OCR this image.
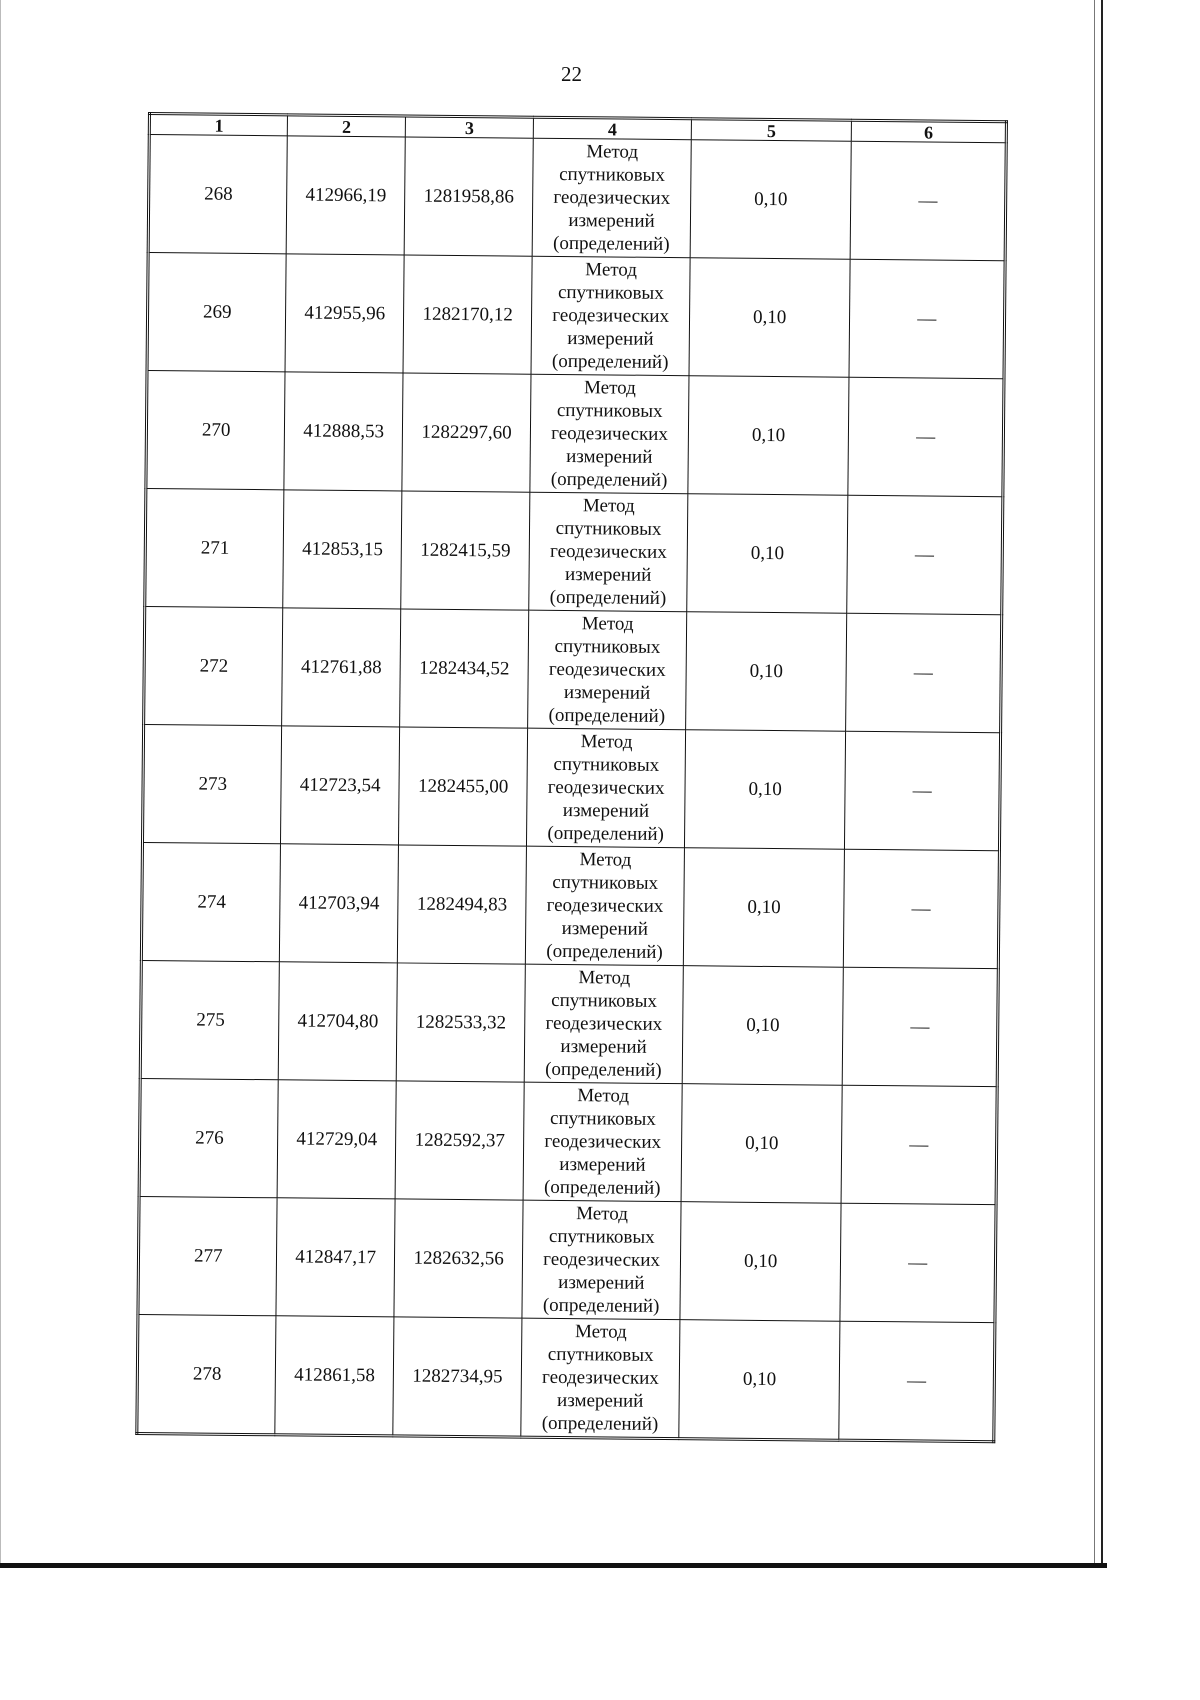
22
1	2	3	4	5	6
268	412966,19	1281958,86	Метод
спутниковых
геодезических
измерений
(определений)	0,10	—
269	412955,96	1282170,12	Метод
спутниковых
геодезических
измерений
(определений)	0,10	—
270	412888,53	1282297,60	Метод
спутниковых
геодезических
измерений
(определений)	0,10	—
271	412853,15	1282415,59	Метод
спутниковых
геодезических
измерений
(определений)	0,10	—
272	412761,88	1282434,52	Метод
спутниковых
геодезических
измерений
(определений)	0,10	—
273	412723,54	1282455,00	Метод
спутниковых
геодезических
измерений
(определений)	0,10	—
274	412703,94	1282494,83	Метод
спутниковых
геодезических
измерений
(определений)	0,10	—
275	412704,80	1282533,32	Метод
спутниковых
геодезических
измерений
(определений)	0,10	—
276	412729,04	1282592,37	Метод
спутниковых
геодезических
измерений
(определений)	0,10	—
277	412847,17	1282632,56	Метод
спутниковых
геодезических
измерений
(определений)	0,10	—
278	412861,58	1282734,95	Метод
спутниковых
геодезических
измерений
(определений)	0,10	—
